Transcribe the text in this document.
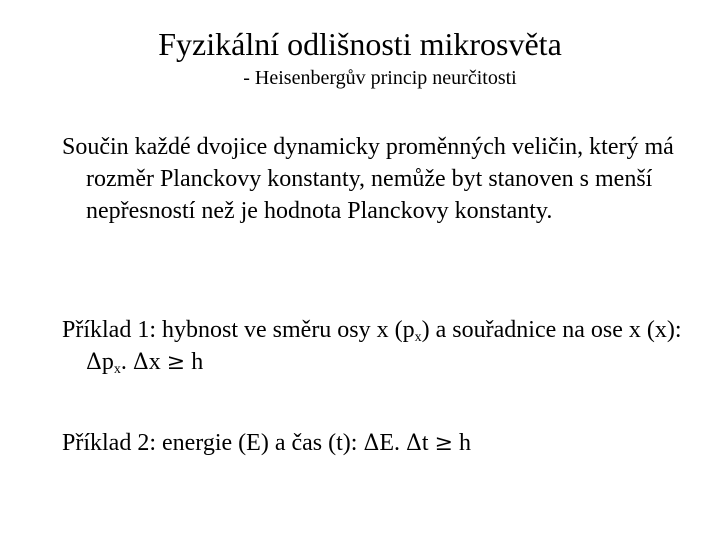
Fyzikální odlišnosti mikrosvěta

- Heisenbergův princip neurčitosti

Součin každé dvojice dynamicky proměnných veličin, který má rozměr Planckovy konstanty, nemůže byt stanoven s menší nepřesností než je hodnota Planckovy konstanty.

Příklad 1: hybnost ve směru osy x $(p_x)$ a souřadnice na ose x (x): $\Delta p_x$. Δx ≥ h

Příklad 2: energie (E) a čas (t): ΔE. Δt ≥ h
